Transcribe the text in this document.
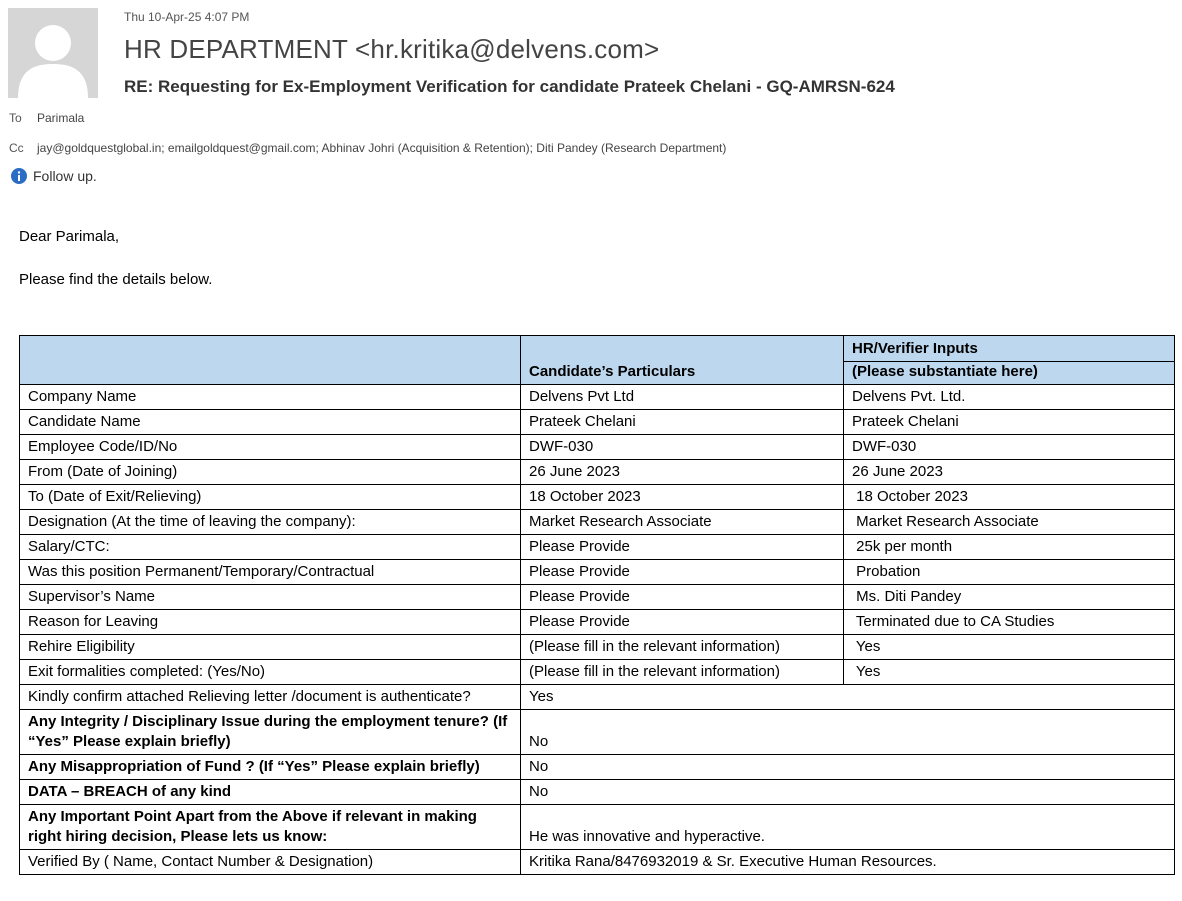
Thu 10-Apr-25 4:07 PM
HR DEPARTMENT <hr.kritika@delvens.com>
RE: Requesting for Ex-Employment Verification for candidate Prateek Chelani - GQ-AMRSN-624
To Parimala
Cc jay@goldquestglobal.in; emailgoldquest@gmail.com; Abhinav Johri (Acquisition & Retention); Diti Pandey (Research Department)
Follow up.
Dear Parimala,
Please find the details below.
	Candidate’s Particulars	HR/Verifier Inputs
(Please substantiate here)
Company Name	Delvens Pvt Ltd	Delvens Pvt. Ltd.
Candidate Name	Prateek Chelani	Prateek Chelani
Employee Code/ID/No	DWF-030	DWF-030
From (Date of Joining)	26 June 2023	26 June 2023
To (Date of Exit/Relieving)	18 October 2023	18 October 2023
Designation (At the time of leaving the company):	Market Research Associate	Market Research Associate
Salary/CTC:	Please Provide	25k per month
Was this position Permanent/Temporary/Contractual	Please Provide	Probation
Supervisor’s Name	Please Provide	Ms. Diti Pandey
Reason for Leaving	Please Provide	Terminated due to CA Studies
Rehire Eligibility	(Please fill in the relevant information)	Yes
Exit formalities completed: (Yes/No)	(Please fill in the relevant information)	Yes
Kindly confirm attached Relieving letter /document is authenticate?	Yes	
Any Integrity / Disciplinary Issue during the employment tenure? (If “Yes” Please explain briefly)	No	
Any Misappropriation of Fund ? (If “Yes” Please explain briefly)	No	
DATA – BREACH of any kind	No	
Any Important Point Apart from the Above if relevant in making right hiring decision, Please lets us know:	He was innovative and hyperactive.	
Verified By ( Name, Contact Number & Designation)	Kritika Rana/8476932019 & Sr. Executive Human Resources.	
